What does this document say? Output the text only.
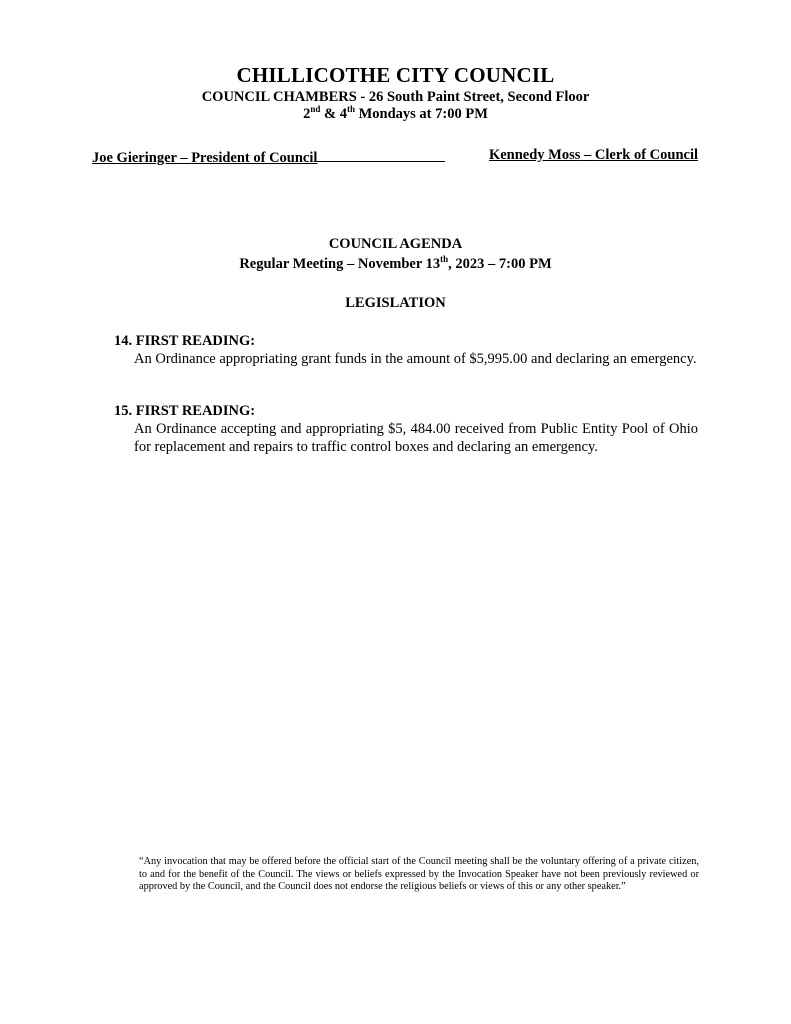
CHILLICOTHE CITY COUNCIL
COUNCIL CHAMBERS - 26 South Paint Street, Second Floor
2nd & 4th Mondays at 7:00 PM
Joe Gieringer – President of Council	Kennedy Moss – Clerk of Council
COUNCIL AGENDA
Regular Meeting – November 13th, 2023 – 7:00 PM
LEGISLATION
14. FIRST READING:
An Ordinance appropriating grant funds in the amount of $5,995.00 and declaring an emergency.
15. FIRST READING:
An Ordinance accepting and appropriating $5, 484.00 received from Public Entity Pool of Ohio for replacement and repairs to traffic control boxes and declaring an emergency.
“Any invocation that may be offered before the official start of the Council meeting shall be the voluntary offering of a private citizen, to and for the benefit of the Council. The views or beliefs expressed by the Invocation Speaker have not been previously reviewed or approved by the Council, and the Council does not endorse the religious beliefs or views of this or any other speaker.”
